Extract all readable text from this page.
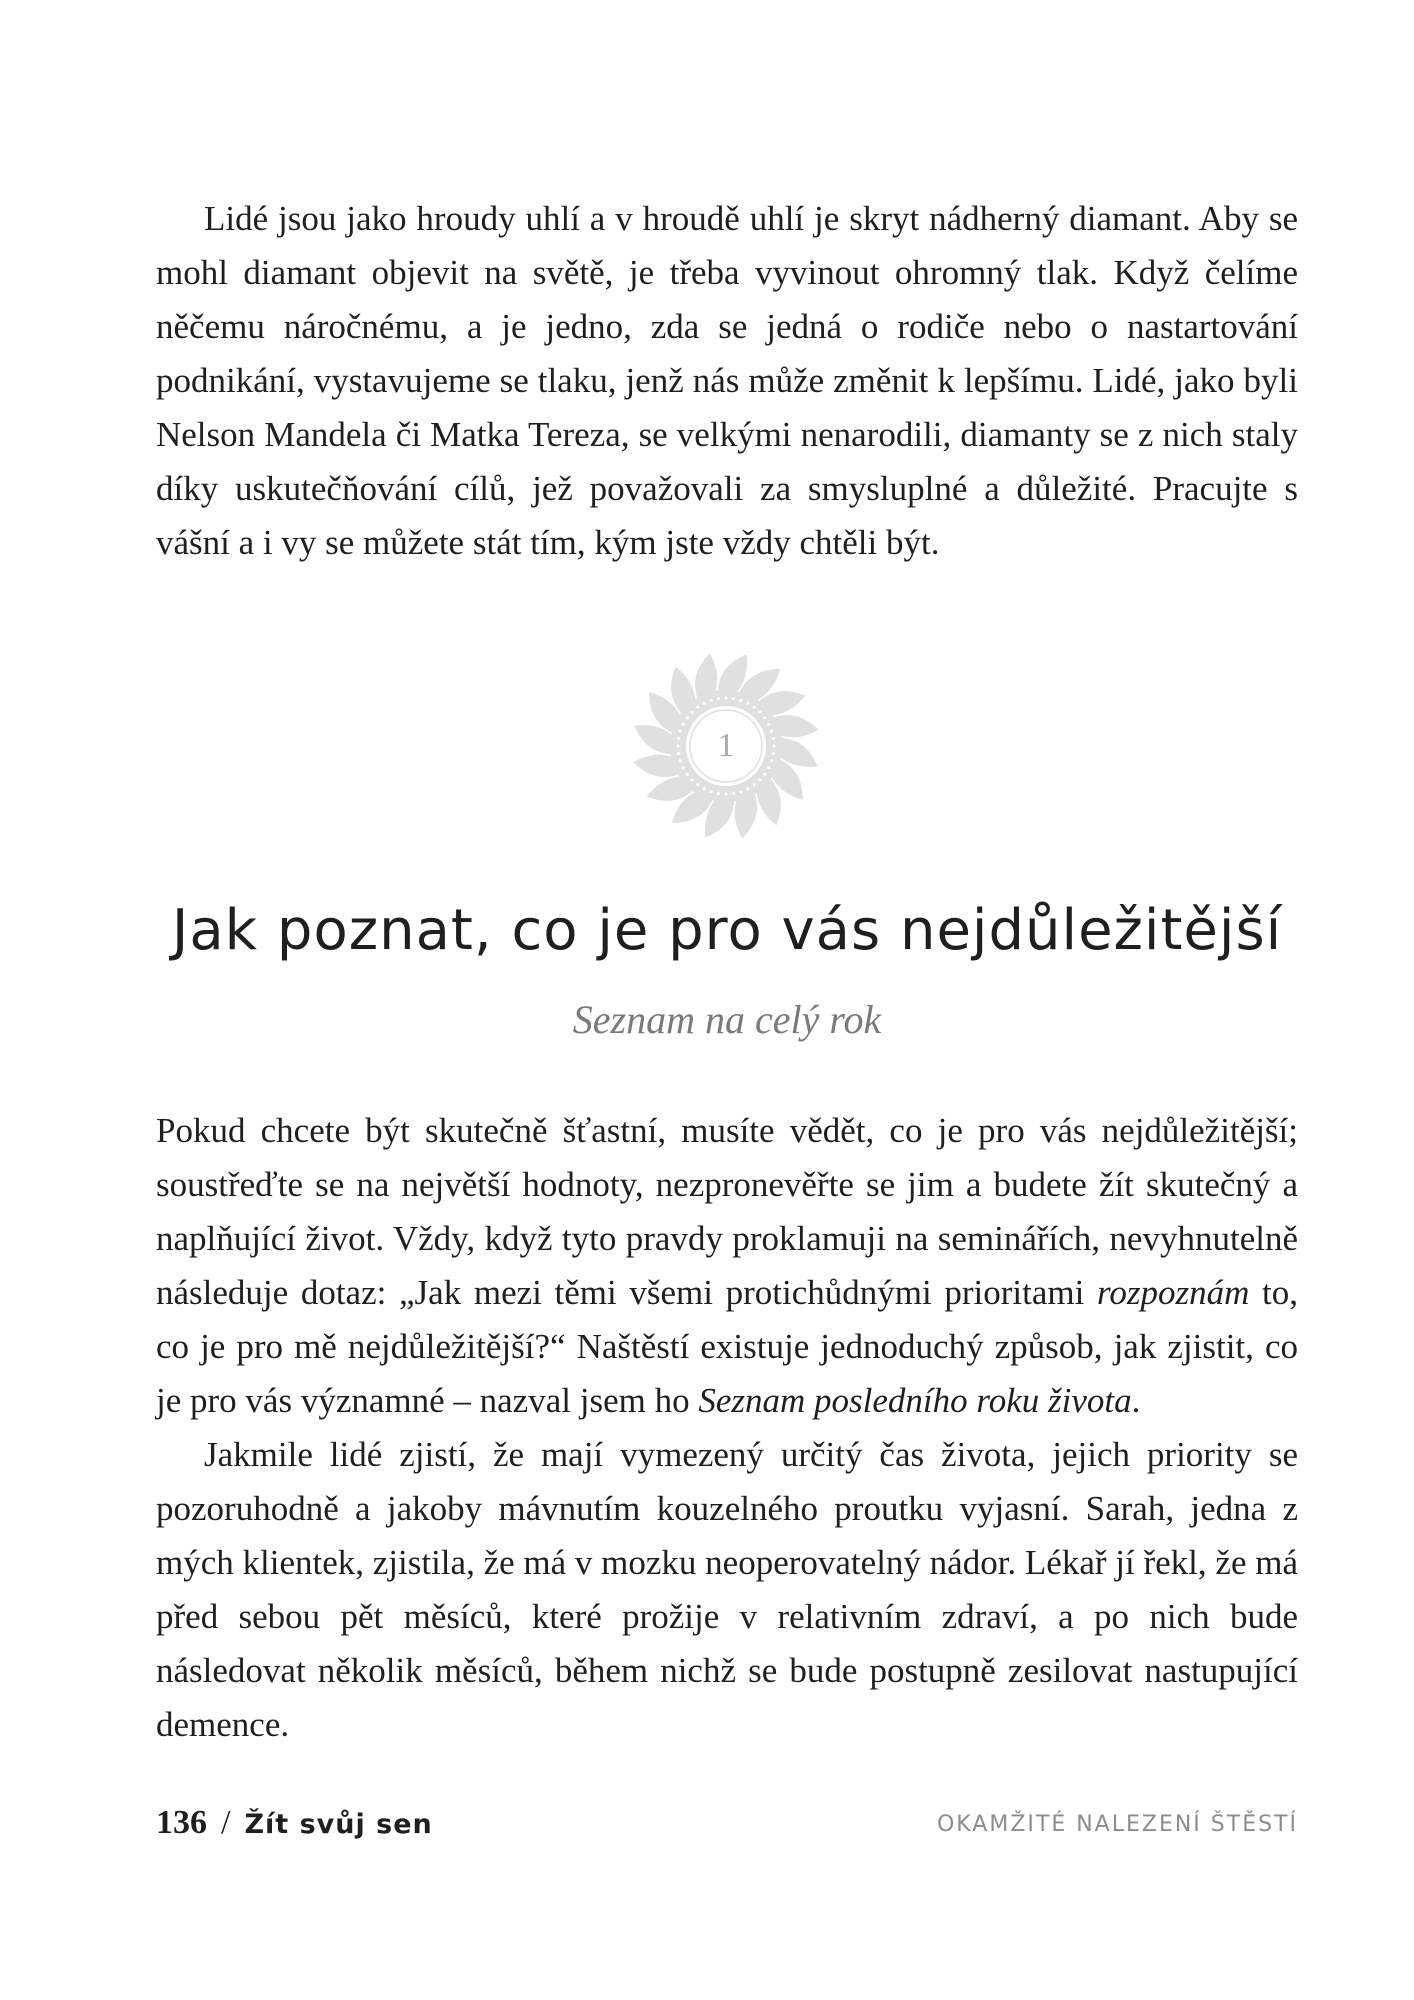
Lidé jsou jako hroudy uhlí a v hroudě uhlí je skryt nádherný diamant. Aby se mohl diamant objevit na světě, je třeba vyvinout ohromný tlak. Když čelíme něčemu náročnému, a je jedno, zda se jedná o rodiče nebo o nastartování podnikání, vystavujeme se tlaku, jenž nás může změnit k lepšímu. Lidé, jako byli Nelson Mandela či Matka Tereza, se velkými nenarodili, diamanty se z nich staly díky uskutečňování cílů, jež považovali za smysluplné a důležité. Pracujte s vášní a i vy se můžete stát tím, kým jste vždy chtěli být.

1
Jak poznat, co je pro vás nejdůležitější

Seznam na celý rok

Pokud chcete být skutečně šťastní, musíte vědět, co je pro vás nejdůležitější; soustřeďte se na největší hodnoty, nezpronevěřte se jim a budete žít skutečný a naplňující život. Vždy, když tyto pravdy proklamuji na seminářích, nevyhnutelně následuje dotaz: „Jak mezi těmi všemi protichůdnými prioritami rozpoznám to, co je pro mě nejdůležitější?“ Naštěstí existuje jednoduchý způsob, jak zjistit, co je pro vás významné – nazval jsem ho Seznam posledního roku života.

Jakmile lidé zjistí, že mají vymezený určitý čas života, jejich priority se pozoruhodně a jakoby mávnutím kouzelného proutku vyjasní. Sarah, jedna z mých klientek, zjistila, že má v mozku neoperovatelný nádor. Lékař jí řekl, že má před sebou pět měsíců, které prožije v relativním zdraví, a po nich bude následovat několik měsíců, během nichž se bude postupně zesilovat nastupující demence.

136 / Žít svůj sen	OKAMŽITÉ NALEZENÍ ŠTĚSTÍ
